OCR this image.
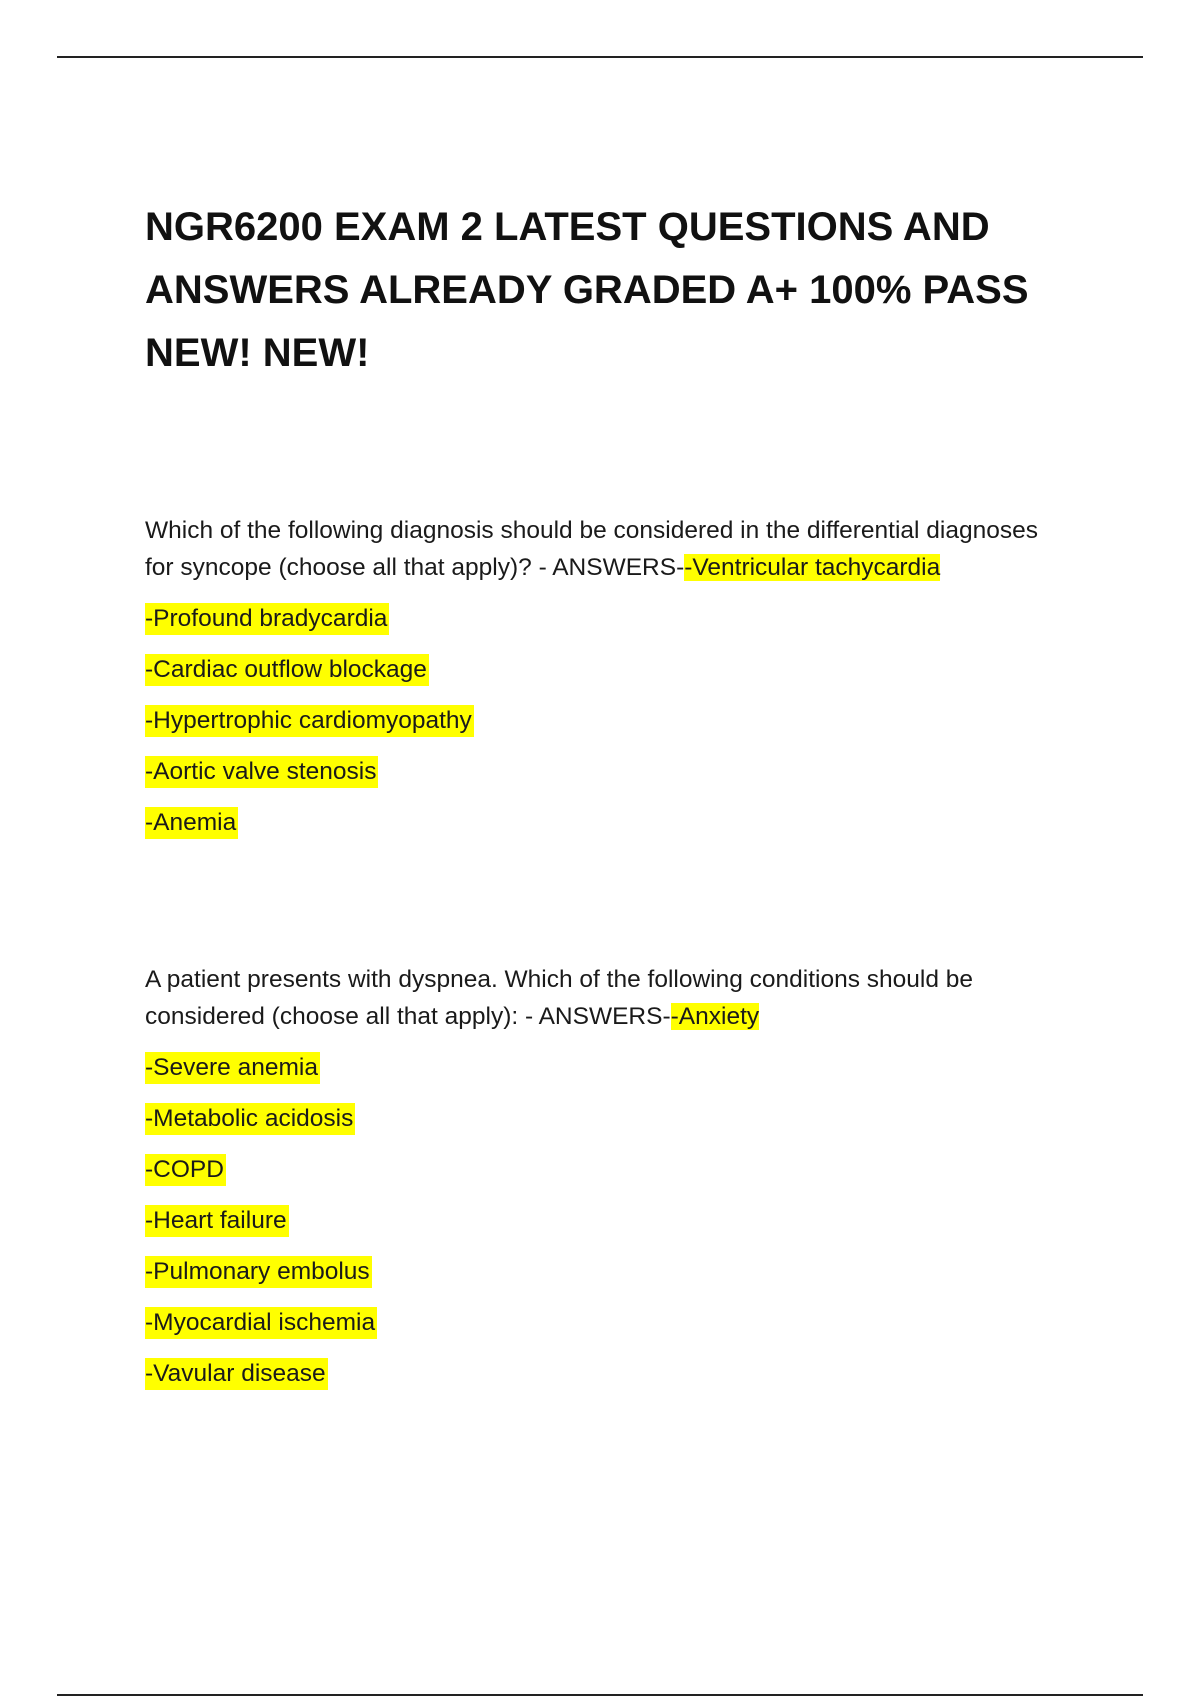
NGR6200 EXAM 2 LATEST QUESTIONS AND ANSWERS ALREADY GRADED A+ 100% PASS NEW! NEW!

Which of the following diagnosis should be considered in the differential diagnoses for syncope (choose all that apply)? - ANSWERS--Ventricular tachycardia

-Profound bradycardia

-Cardiac outflow blockage

-Hypertrophic cardiomyopathy

-Aortic valve stenosis

-Anemia

A patient presents with dyspnea. Which of the following conditions should be considered (choose all that apply): - ANSWERS--Anxiety

-Severe anemia

-Metabolic acidosis

-COPD

-Heart failure

-Pulmonary embolus

-Myocardial ischemia

-Vavular disease
